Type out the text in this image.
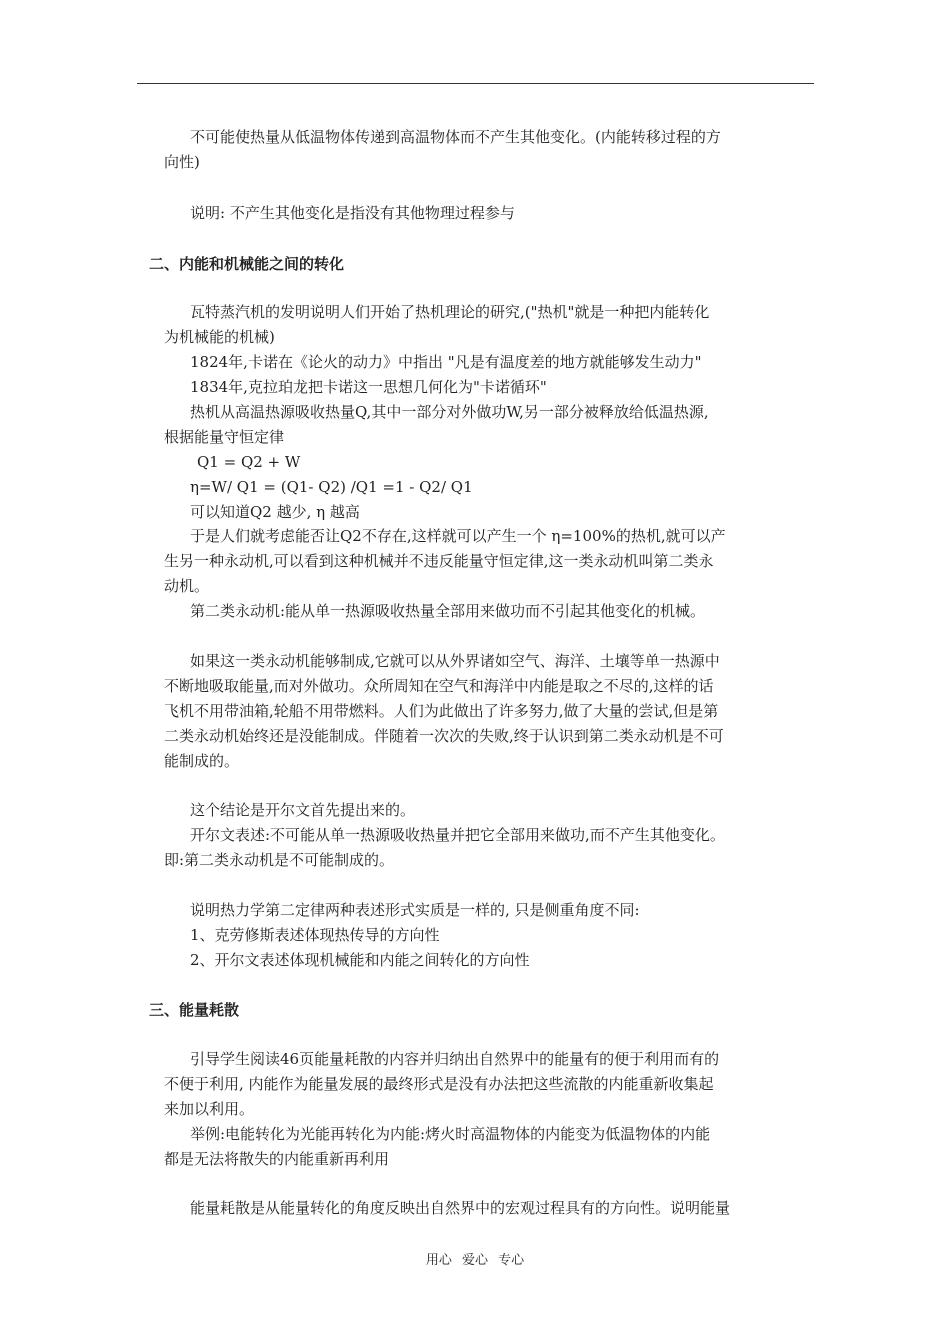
不可能使热量从低温物体传递到高温物体而不产生其他变化。(内能转移过程的方
向性)
说明: 不产生其他变化是指没有其他物理过程参与
二、内能和机械能之间的转化
瓦特蒸汽机的发明说明人们开始了热机理论的研究,("热机"就是一种把内能转化
为机械能的机械)
1824年,卡诺在《论火的动力》中指出 "凡是有温度差的地方就能够发生动力"
1834年,克拉珀龙把卡诺这一思想几何化为"卡诺循环"
热机从高温热源吸收热量Q,其中一部分对外做功W,另一部分被释放给低温热源,
根据能量守恒定律
Q1 = Q2 + W
η=W/ Q1 = (Q1- Q2) /Q1 =1 - Q2/ Q1
可以知道Q2 越少, η 越高
于是人们就考虑能否让Q2不存在,这样就可以产生一个 η=100%的热机,就可以产
生另一种永动机,可以看到这种机械并不违反能量守恒定律,这一类永动机叫第二类永
动机。
第二类永动机:能从单一热源吸收热量全部用来做功而不引起其他变化的机械。
如果这一类永动机能够制成,它就可以从外界诸如空气、海洋、土壤等单一热源中
不断地吸取能量,而对外做功。众所周知在空气和海洋中内能是取之不尽的,这样的话
飞机不用带油箱,轮船不用带燃料。人们为此做出了许多努力,做了大量的尝试,但是第
二类永动机始终还是没能制成。伴随着一次次的失败,终于认识到第二类永动机是不可
能制成的。
这个结论是开尔文首先提出来的。
开尔文表述:不可能从单一热源吸收热量并把它全部用来做功,而不产生其他变化。
即:第二类永动机是不可能制成的。
说明热力学第二定律两种表述形式实质是一样的, 只是侧重角度不同:
1、克劳修斯表述体现热传导的方向性
2、开尔文表述体现机械能和内能之间转化的方向性
三、能量耗散
引导学生阅读46页能量耗散的内容并归纳出自然界中的能量有的便于利用而有的
不便于利用, 内能作为能量发展的最终形式是没有办法把这些流散的内能重新收集起
来加以利用。
举例:电能转化为光能再转化为内能:烤火时高温物体的内能变为低温物体的内能
都是无法将散失的内能重新再利用
能量耗散是从能量转化的角度反映出自然界中的宏观过程具有的方向性。说明能量
用心 爱心 专心
